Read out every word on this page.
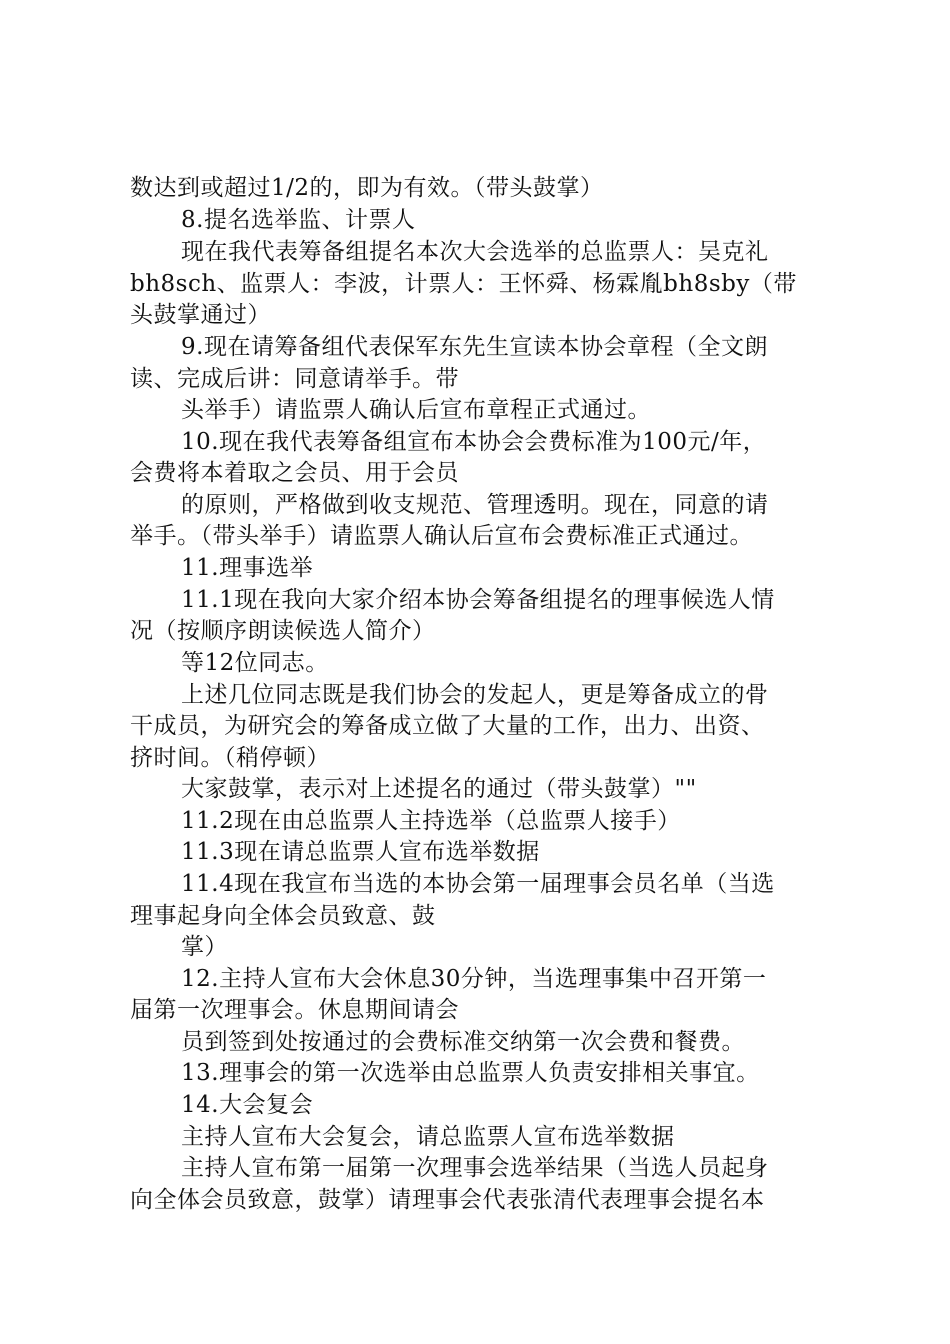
数达到或超过1/2的，即为有效。（带头鼓掌）
8.提名选举监、计票人
现在我代表筹备组提名本次大会选举的总监票人：吴克礼
bh8sch、监票人：李波，计票人：王怀舜、杨霖胤bh8sby（带
头鼓掌通过）
9.现在请筹备组代表保军东先生宣读本协会章程（全文朗
读、完成后讲：同意请举手。带
头举手）请监票人确认后宣布章程正式通过。
10.现在我代表筹备组宣布本协会会费标准为100元/年，
会费将本着取之会员、用于会员
的原则，严格做到收支规范、管理透明。现在，同意的请
举手。（带头举手）请监票人确认后宣布会费标准正式通过。
11.理事选举
11.1现在我向大家介绍本协会筹备组提名的理事候选人情
况（按顺序朗读候选人简介）
等12位同志。
上述几位同志既是我们协会的发起人，更是筹备成立的骨
干成员，为研究会的筹备成立做了大量的工作，出力、出资、
挤时间。（稍停顿）
大家鼓掌，表示对上述提名的通过（带头鼓掌）""
11.2现在由总监票人主持选举（总监票人接手）
11.3现在请总监票人宣布选举数据
11.4现在我宣布当选的本协会第一届理事会员名单（当选
理事起身向全体会员致意、鼓
掌）
12.主持人宣布大会休息30分钟，当选理事集中召开第一
届第一次理事会。休息期间请会
员到签到处按通过的会费标准交纳第一次会费和餐费。
13.理事会的第一次选举由总监票人负责安排相关事宜。
14.大会复会
主持人宣布大会复会，请总监票人宣布选举数据
主持人宣布第一届第一次理事会选举结果（当选人员起身
向全体会员致意，鼓掌）请理事会代表张清代表理事会提名本
